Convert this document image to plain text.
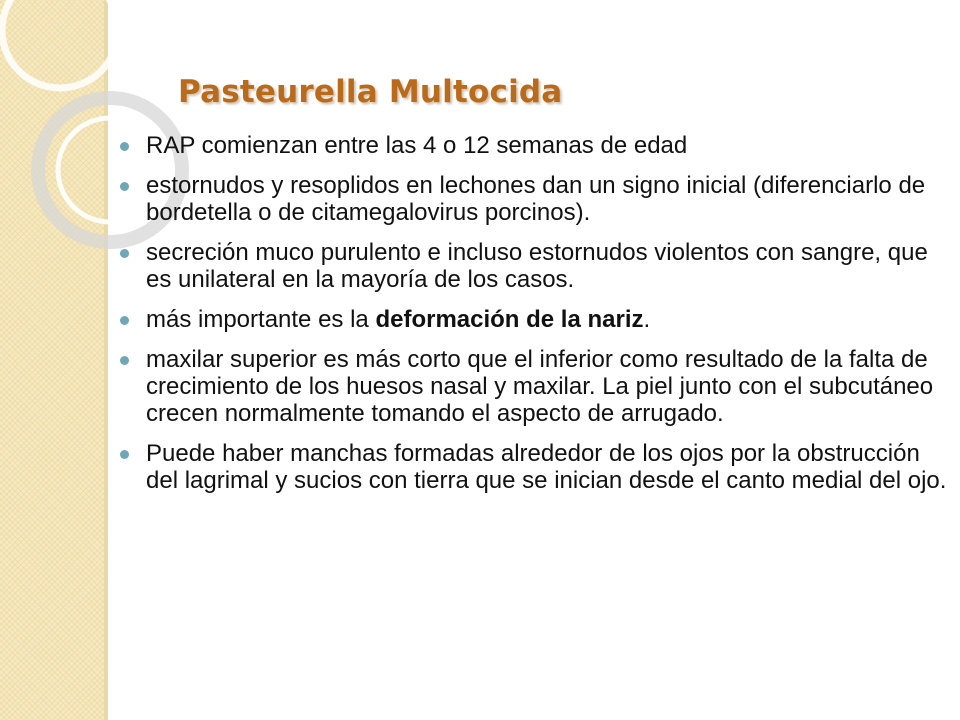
Pasteurella Multocida
RAP comienzan entre las 4 o 12 semanas de edad
estornudos y resoplidos en lechones dan un signo inicial (diferenciarlo de bordetella o de citamegalovirus porcinos).
secreción muco purulento e incluso estornudos violentos con sangre, que es unilateral en la mayoría de los casos.
más importante es la deformación de la nariz.
maxilar superior es más corto que el inferior como resultado de la falta de crecimiento de los huesos nasal y maxilar. La piel junto con el subcutáneo crecen normalmente tomando el aspecto de arrugado.
Puede haber manchas formadas alrededor de los ojos por la obstrucción del lagrimal y sucios con tierra que se inician desde el canto medial del ojo.
